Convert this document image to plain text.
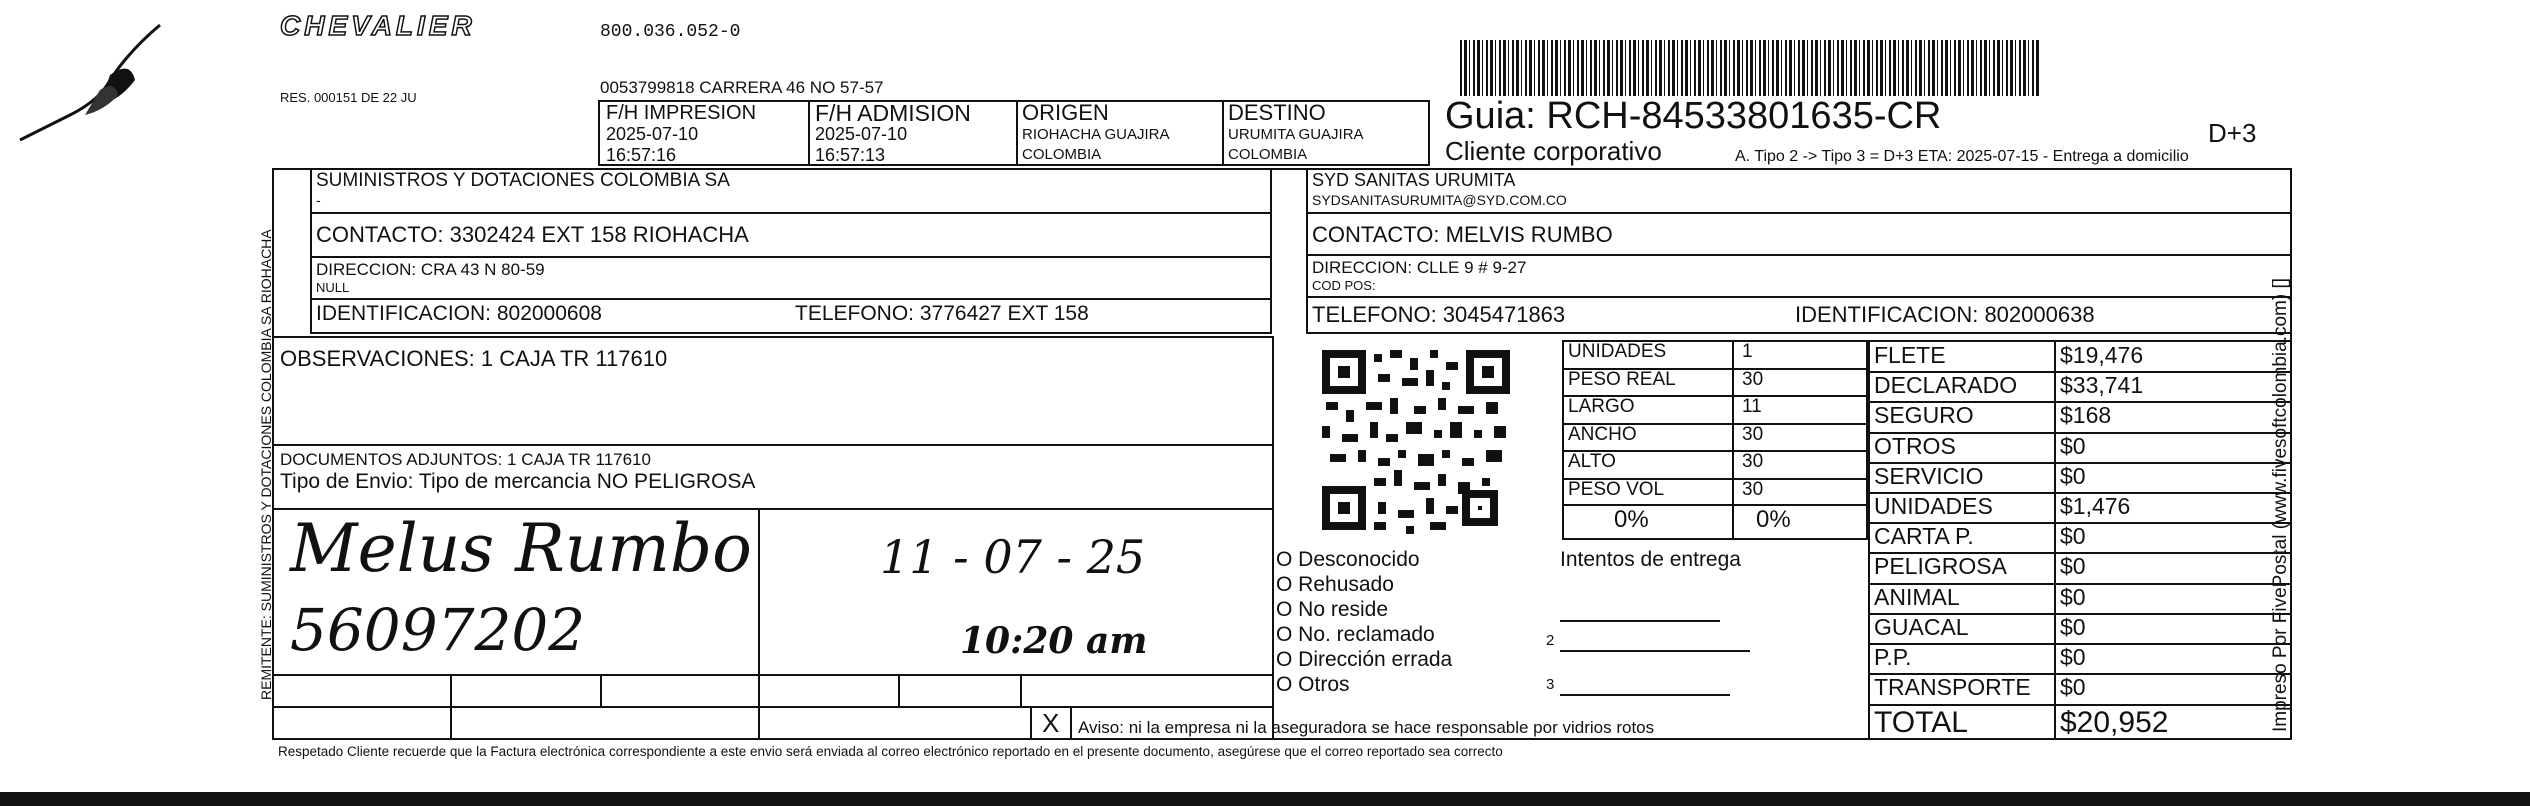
CHEVALIER	800.036.052-0
RES. 000151 DE 22 JU
0053799818 CARRERA 46 NO 57-57
F/H IMPRESION
2025-07-10
16:57:16
F/H ADMISION
2025-07-10
16:57:13
ORIGEN
RIOHACHA GUAJIRA
COLOMBIA
DESTINO
URUMITA GUAJIRA
COLOMBIA
Guia: RCH-84533801635-CR
Cliente corporativo	A. Tipo 2 -> Tipo 3 = D+3 ETA: 2025-07-15 - Entrega a domicilio
D+3
REMITENTE: SUMINISTROS Y DOTACIONES COLOMBIA SA RIOHACHA
SUMINISTROS Y DOTACIONES COLOMBIA SA
-
CONTACTO: 3302424 EXT 158 RIOHACHA
DIRECCION: CRA 43 N 80-59
NULL
IDENTIFICACION: 802000608	TELEFONO: 3776427 EXT 158
SYD SANITAS URUMITA
SYDSANITASURUMITA@SYD.COM.CO
CONTACTO: MELVIS RUMBO
DIRECCION: CLLE 9 # 9-27
COD POS:
TELEFONO: 3045471863	IDENTIFICACION: 802000638
OBSERVACIONES: 1 CAJA TR 117610
DOCUMENTOS ADJUNTOS: 1 CAJA TR 117610
Tipo de Envio: Tipo de mercancia NO PELIGROSA
Melus Rumbo
56097202
11 - 07 - 25
10:20 am
X Aviso: ni la empresa ni la aseguradora se hace responsable por vidrios rotos
UNIDADES	1
PESO REAL	30
LARGO	11
ANCHO	30
ALTO	30
PESO VOL	30
0%	0%
FLETE	$19,476
DECLARADO $33,741
SEGURO	$168
OTROS	$0
SERVICIO	$0
UNIDADES	$1,476
CARTA P.	$0
PELIGROSA $0
ANIMAL	$0
GUACAL	$0
P.P.	$0
TRANSPORTE $0
TOTAL	$20,952
O Desconocido
O Rehusado
O No reside
O No. reclamado
O Dirección errada
O Otros
Intentos de entrega
2
3	Impreso Por FivePostal (www.fivesoftcolombia.com) []
Respetado Cliente recuerde que la Factura electrónica correspondiente a este envio será enviada al correo electrónico reportado en el presente documento, asegúrese que el correo reportado sea correcto
